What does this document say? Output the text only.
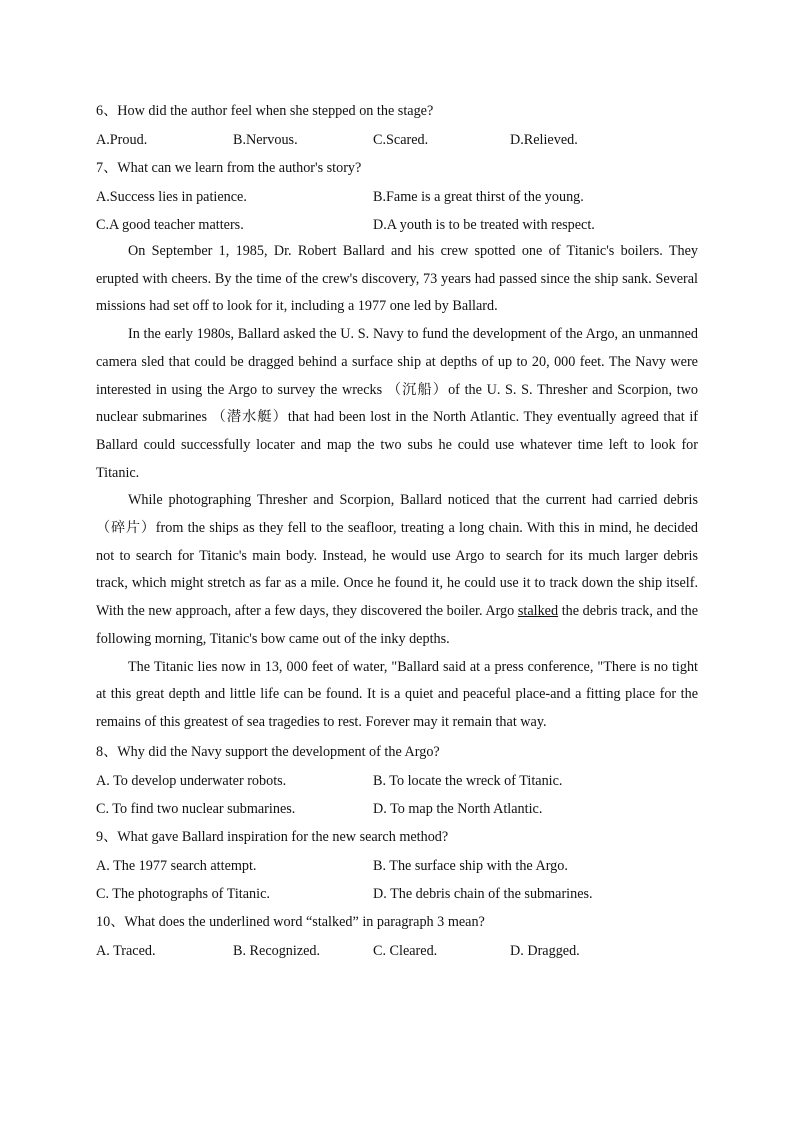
6、How did the author feel when she stepped on the stage?
A.Proud.	B.Nervous.	C.Scared.	D.Relieved.
7、What can we learn from the author's story?
A.Success lies in patience.	B.Fame is a great thirst of the young.
C.A good teacher matters.	D.A youth is to be treated with respect.

On September 1, 1985, Dr. Robert Ballard and his crew spotted one of Titanic's boilers. They erupted with cheers. By the time of the crew's discovery, 73 years had passed since the ship sank. Several missions had set off to look for it, including a 1977 one led by Ballard.

In the early 1980s, Ballard asked the U. S. Navy to fund the development of the Argo, an unmanned camera sled that could be dragged behind a surface ship at depths of up to 20, 000 feet. The Navy were interested in using the Argo to survey the wrecks （沉船）of the U. S. S. Thresher and Scorpion, two nuclear submarines （潜水艇）that had been lost in the North Atlantic. They eventually agreed that if Ballard could successfully locater and map the two subs he could use whatever time left to look for Titanic.

While photographing Thresher and Scorpion, Ballard noticed that the current had carried debris（碎片）from the ships as they fell to the seafloor, treating a long chain. With this in mind, he decided not to search for Titanic's main body. Instead, he would use Argo to search for its much larger debris track, which might stretch as far as a mile. Once he found it, he could use it to track down the ship itself. With the new approach, after a few days, they discovered the boiler. Argo stalked the debris track, and the following morning, Titanic's bow came out of the inky depths.

The Titanic lies now in 13, 000 feet of water, "Ballard said at a press conference, "There is no tight at this great depth and little life can be found. It is a quiet and peaceful place-and a fitting place for the remains of this greatest of sea tragedies to rest. Forever may it remain that way.

8、Why did the Navy support the development of the Argo?
A. To develop underwater robots.	B. To locate the wreck of Titanic.
C. To find two nuclear submarines.	D. To map the North Atlantic.
9、What gave Ballard inspiration for the new search method?
A. The 1977 search attempt.	B. The surface ship with the Argo.
C. The photographs of Titanic.	D. The debris chain of the submarines.
10、What does the underlined word “stalked” in paragraph 3 mean?
A. Traced.	B. Recognized.	C. Cleared.	D. Dragged.
